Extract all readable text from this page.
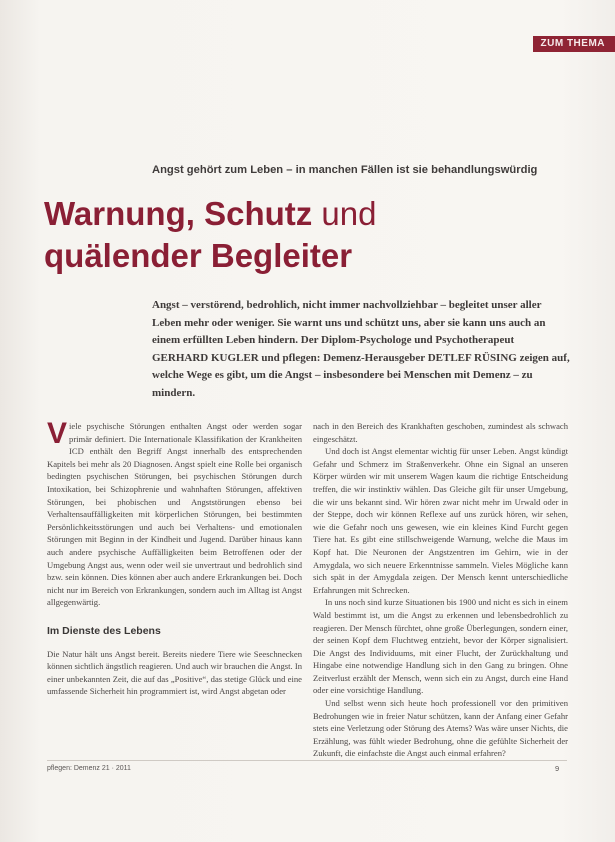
ZUM THEMA
Angst gehört zum Leben – in manchen Fällen ist sie behandlungswürdig
Warnung, Schutz und
quälender Begleiter
Angst – verstörend, bedrohlich, nicht immer nachvollziehbar – begleitet unser aller Leben mehr oder weniger. Sie warnt uns und schützt uns, aber sie kann uns auch an einem erfüllten Leben hindern. Der Diplom-Psychologe und Psychotherapeut GERHARD KUGLER und pflegen: Demenz-Herausgeber DETLEF RÜSING zeigen auf, welche Wege es gibt, um die Angst – insbesondere bei Menschen mit Demenz – zu mindern.

Viele psychische Störungen enthalten Angst oder werden sogar primär definiert. Die Internationale Klassifikation der Krankheiten ICD enthält den Begriff Angst innerhalb des entsprechenden Kapitels bei mehr als 20 Diagnosen. Angst spielt eine Rolle bei organisch bedingten psychischen Störungen, bei psychischen Störungen durch Intoxikation, bei Schizophrenie und wahnhaften Störungen, affektiven Störungen, bei phobischen und Angststörungen ebenso bei Verhaltensauffälligkeiten mit körperlichen Störungen, bei bestimmten Persönlichkeitsstörungen und auch bei Verhaltens- und emotionalen Störungen mit Beginn in der Kindheit und Jugend. Darüber hinaus kann auch andere psychische Auffälligkeiten beim Betroffenen oder der Umgebung Angst aus, wenn oder weil sie unvertraut und bedrohlich sind bzw. sein können. Dies können aber auch andere Erkrankungen bei. Doch nicht nur im Bereich von Erkrankungen, sondern auch im Alltag ist Angst allgegenwärtig.

Im Dienste des Lebens

Die Natur hält uns Angst bereit. Bereits niedere Tiere wie Seeschnecken können sichtlich ängstlich reagieren. Und auch wir brauchen die Angst. In einer unbekannten Zeit, die auf das „Positive“, das stetige Glück und eine umfassende Sicherheit hin programmiert ist, wird Angst abgetan oder

nach in den Bereich des Krankhaften geschoben, zumindest als schwach eingeschätzt.

Und doch ist Angst elementar wichtig für unser Leben. Angst kündigt Gefahr und Schmerz im Straßenverkehr. Ohne ein Signal an unseren Körper würden wir mit unserem Wagen kaum die richtige Entscheidung treffen, die wir instinktiv wählen. Das Gleiche gilt für unser Umgebung, die wir uns bekannt sind. Wir hören zwar nicht mehr im Urwald oder in der Steppe, doch wir können Reflexe auf uns zurück hören, wir sehen, wie die Gefahr noch uns gewesen, wie ein kleines Kind Furcht gegen Tiere hat. Es gibt eine stillschweigende Warnung, welche die Maus im Kopf hat. Die Neuronen der Angstzentren im Gehirn, wie in der Amygdala, wo sich neuere Erkenntnisse sammeln. Vieles Mögliche kann sich spät in der Amygdala zeigen. Der Mensch kennt unterschiedliche Erfahrungen mit Schrecken.

In uns noch sind kurze Situationen bis 1900 und nicht es sich in einem Wald bestimmt ist, um die Angst zu erkennen und lebensbedrohlich zu reagieren. Der Mensch fürchtet, ohne große Überlegungen, sondern einer, der seinen Kopf dem Fluchtweg entzieht, bevor der Körper signalisiert. Die Angst des Individuums, mit einer Flucht, der Zurückhaltung und Hingabe eine notwendige Handlung sich in den Gang zu bringen. Ohne Zeitverlust erzählt der Mensch, wenn sich ein zu Angst, durch eine Hand oder eine vorsichtige Handlung.

Und selbst wenn sich heute hoch professionell vor den primitiven Bedrohungen wie in freier Natur schützen, kann der Anfang einer Gefahr stets eine Verletzung oder Störung des Atems? Was wäre unser Nichts, die Erzählung, was fühlt wieder Bedrohung, ohne die gefühlte Sicherheit der Zukunft, die einfachste die Angst auch einmal erfahren?

pflegen: Demenz 21 · 2011	9
